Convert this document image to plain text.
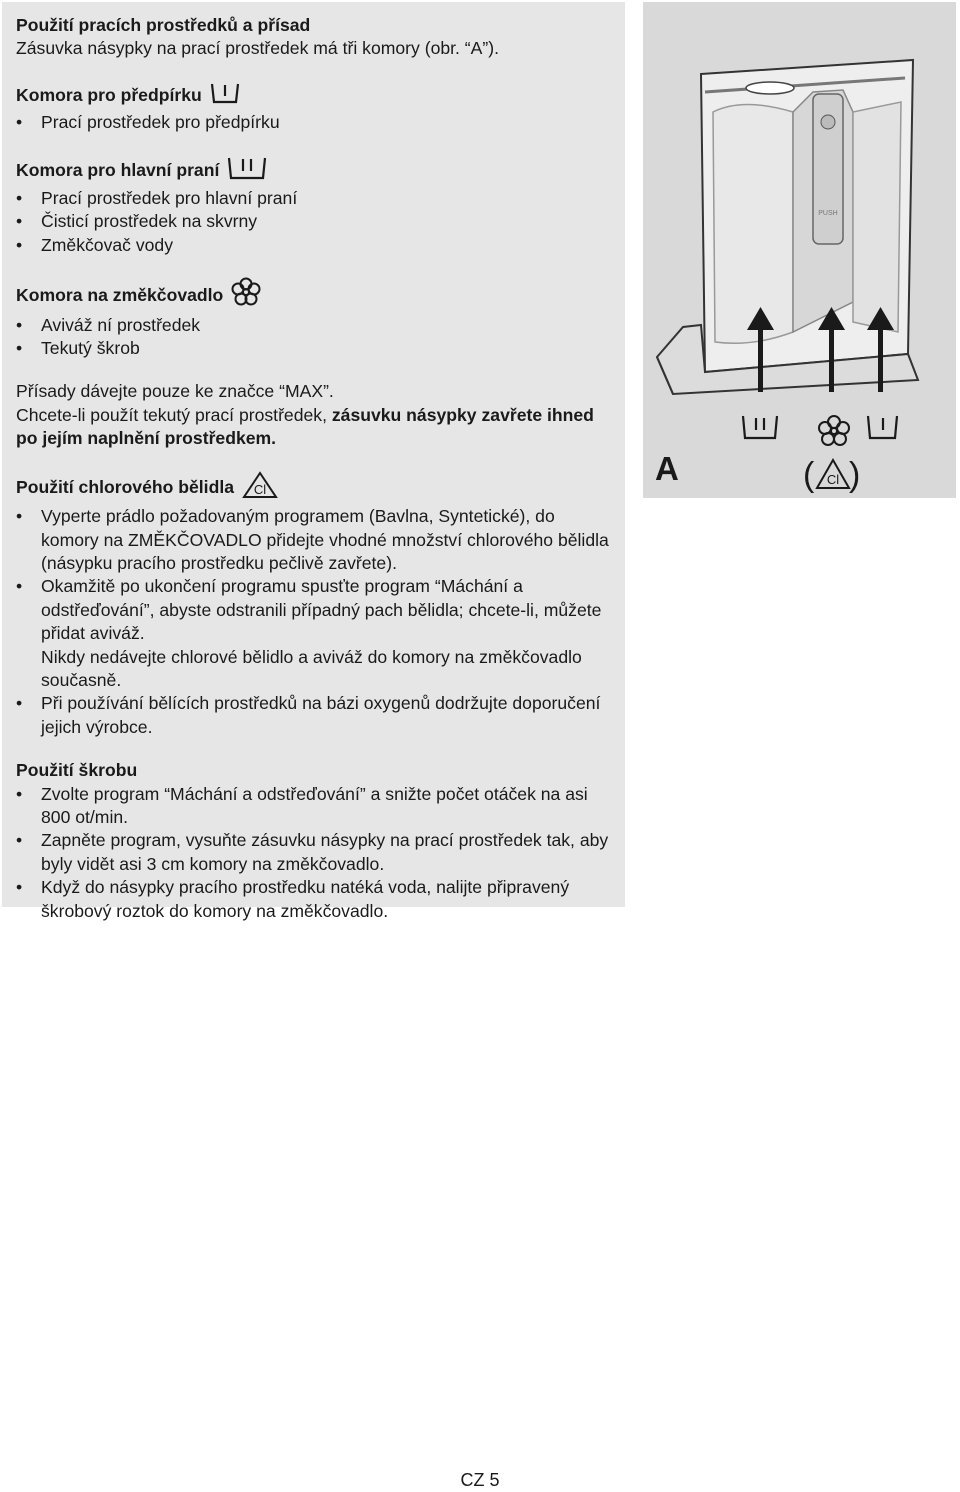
Použití pracích prostředků a přísad
Zásuvka násypky na prací prostředek má tři komory (obr. “A”).
Komora pro předpírku
•	Prací prostředek pro předpírku
Komora pro hlavní praní
•	Prací prostředek pro hlavní praní
•	Čisticí prostředek na skvrny
•	Změkčovač vody
Komora na změkčovadlo
•	Aviváž ní prostředek
•	Tekutý škrob
Přísady dávejte pouze ke značce “MAX”.
Chcete-li použít tekutý prací prostředek, zásuvku násypky zavřete ihned po jejím naplnění prostředkem.
Použití chlorového bělidla Cl
•	Vyperte prádlo požadovaným programem (Bavlna, Syntetické), do komory na ZMĚKČOVADLO přidejte vhodné množství chlorového bělidla (násypku pracího prostředku pečlivě zavřete).
•	Okamžitě po ukončení programu spusťte program “Máchání a odstřeďování”, abyste odstranili případný pach bělidla; chcete-li, můžete přidat aviváž.
Nikdy nedávejte chlorové bělidlo a aviváž do komory na změkčovadlo současně.
•	Při používání bělících prostředků na bázi oxygenů dodržujte doporučení jejich výrobce.
Použití škrobu
•	Zvolte program “Máchání a odstřeďování” a snižte počet otáček na asi 800 ot/min.
•	Zapněte program, vysuňte zásuvku násypky na prací prostředek tak, aby byly vidět asi 3 cm komory na změkčovadlo.
•	Když do násypky pracího prostředku natéká voda, nalijte připravený škrobový roztok do komory na změkčovadlo.
PUSH
( Cl )
A
CZ 5
